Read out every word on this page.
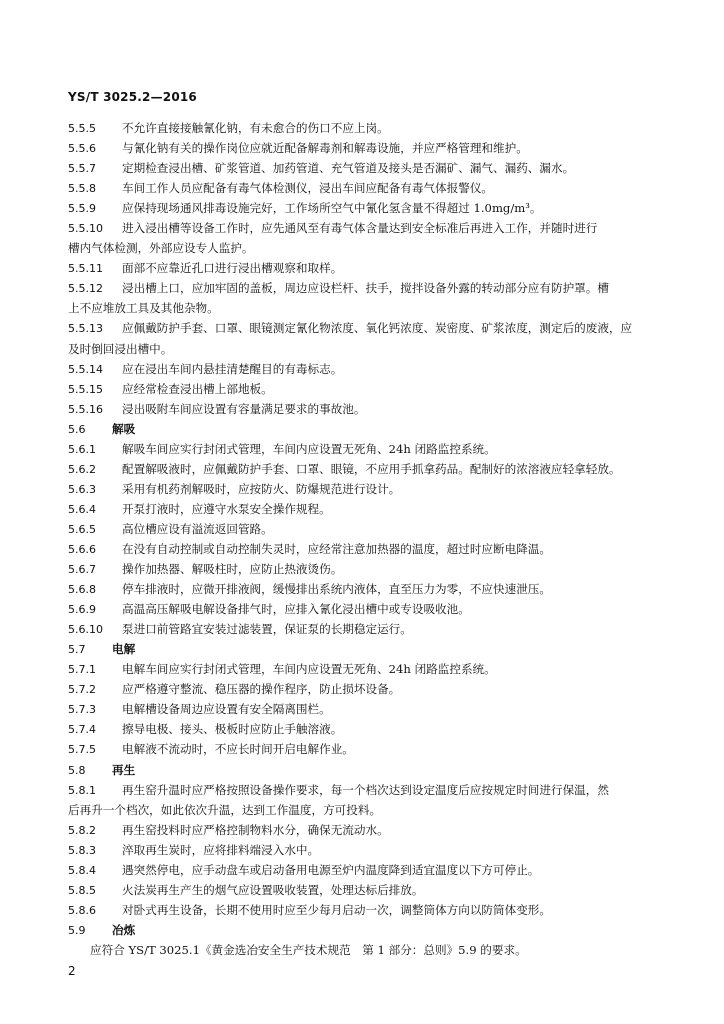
YS/T 3025.2—2016
5.5.5 不允许直接接触氰化钠，有未愈合的伤口不应上岗。
5.5.6 与氰化钠有关的操作岗位应就近配备解毒剂和解毒设施，并应严格管理和维护。
5.5.7 定期检查浸出槽、矿浆管道、加药管道、充气管道及接头是否漏矿、漏气、漏药、漏水。
5.5.8 车间工作人员应配备有毒气体检测仪，浸出车间应配备有毒气体报警仪。
5.5.9 应保持现场通风排毒设施完好，工作场所空气中氰化氢含量不得超过 1.0mg/m³。
5.5.10 进入浸出槽等设备工作时，应先通风至有毒气体含量达到安全标准后再进入工作，并随时进行
槽内气体检测，外部应设专人监护。
5.5.11 面部不应靠近孔口进行浸出槽观察和取样。
5.5.12 浸出槽上口，应加牢固的盖板，周边应设栏杆、扶手，搅拌设备外露的转动部分应有防护罩。槽
上不应堆放工具及其他杂物。
5.5.13 应佩戴防护手套、口罩、眼镜测定氰化物浓度、氧化钙浓度、炭密度、矿浆浓度，测定后的废液，应
及时倒回浸出槽中。
5.5.14 应在浸出车间内悬挂清楚醒目的有毒标志。
5.5.15 应经常检查浸出槽上部地板。
5.5.16 浸出吸附车间应设置有容量满足要求的事故池。
5.6 解吸
5.6.1 解吸车间应实行封闭式管理，车间内应设置无死角、24h 闭路监控系统。
5.6.2 配置解吸液时，应佩戴防护手套、口罩、眼镜，不应用手抓拿药品。配制好的浓溶液应轻拿轻放。
5.6.3 采用有机药剂解吸时，应按防火、防爆规范进行设计。
5.6.4 开泵打液时，应遵守水泵安全操作规程。
5.6.5 高位槽应设有溢流返回管路。
5.6.6 在没有自动控制或自动控制失灵时，应经常注意加热器的温度，超过时应断电降温。
5.6.7 操作加热器、解吸柱时，应防止热液烫伤。
5.6.8 停车排液时，应微开排液阀，缓慢排出系统内液体，直至压力为零，不应快速泄压。
5.6.9 高温高压解吸电解设备排气时，应排入氰化浸出槽中或专设吸收池。
5.6.10 泵进口前管路宜安装过滤装置，保证泵的长期稳定运行。
5.7 电解
5.7.1 电解车间应实行封闭式管理，车间内应设置无死角、24h 闭路监控系统。
5.7.2 应严格遵守整流、稳压器的操作程序，防止损坏设备。
5.7.3 电解槽设备周边应设置有安全隔离围栏。
5.7.4 擦导电极、接头、极板时应防止手触溶液。
5.7.5 电解液不流动时，不应长时间开启电解作业。
5.8 再生
5.8.1 再生窑升温时应严格按照设备操作要求，每一个档次达到设定温度后应按规定时间进行保温，然
后再升一个档次，如此依次升温，达到工作温度，方可投料。
5.8.2 再生窑投料时应严格控制物料水分，确保无流动水。
5.8.3 淬取再生炭时，应将排料端浸入水中。
5.8.4 遇突然停电，应手动盘车或启动备用电源至炉内温度降到适宜温度以下方可停止。
5.8.5 火法炭再生产生的烟气应设置吸收装置，处理达标后排放。
5.8.6 对卧式再生设备，长期不使用时应至少每月启动一次，调整筒体方向以防筒体变形。
5.9 冶炼
应符合 YS/T 3025.1《黄金选冶安全生产技术规范　第 1 部分：总则》5.9 的要求。
2
